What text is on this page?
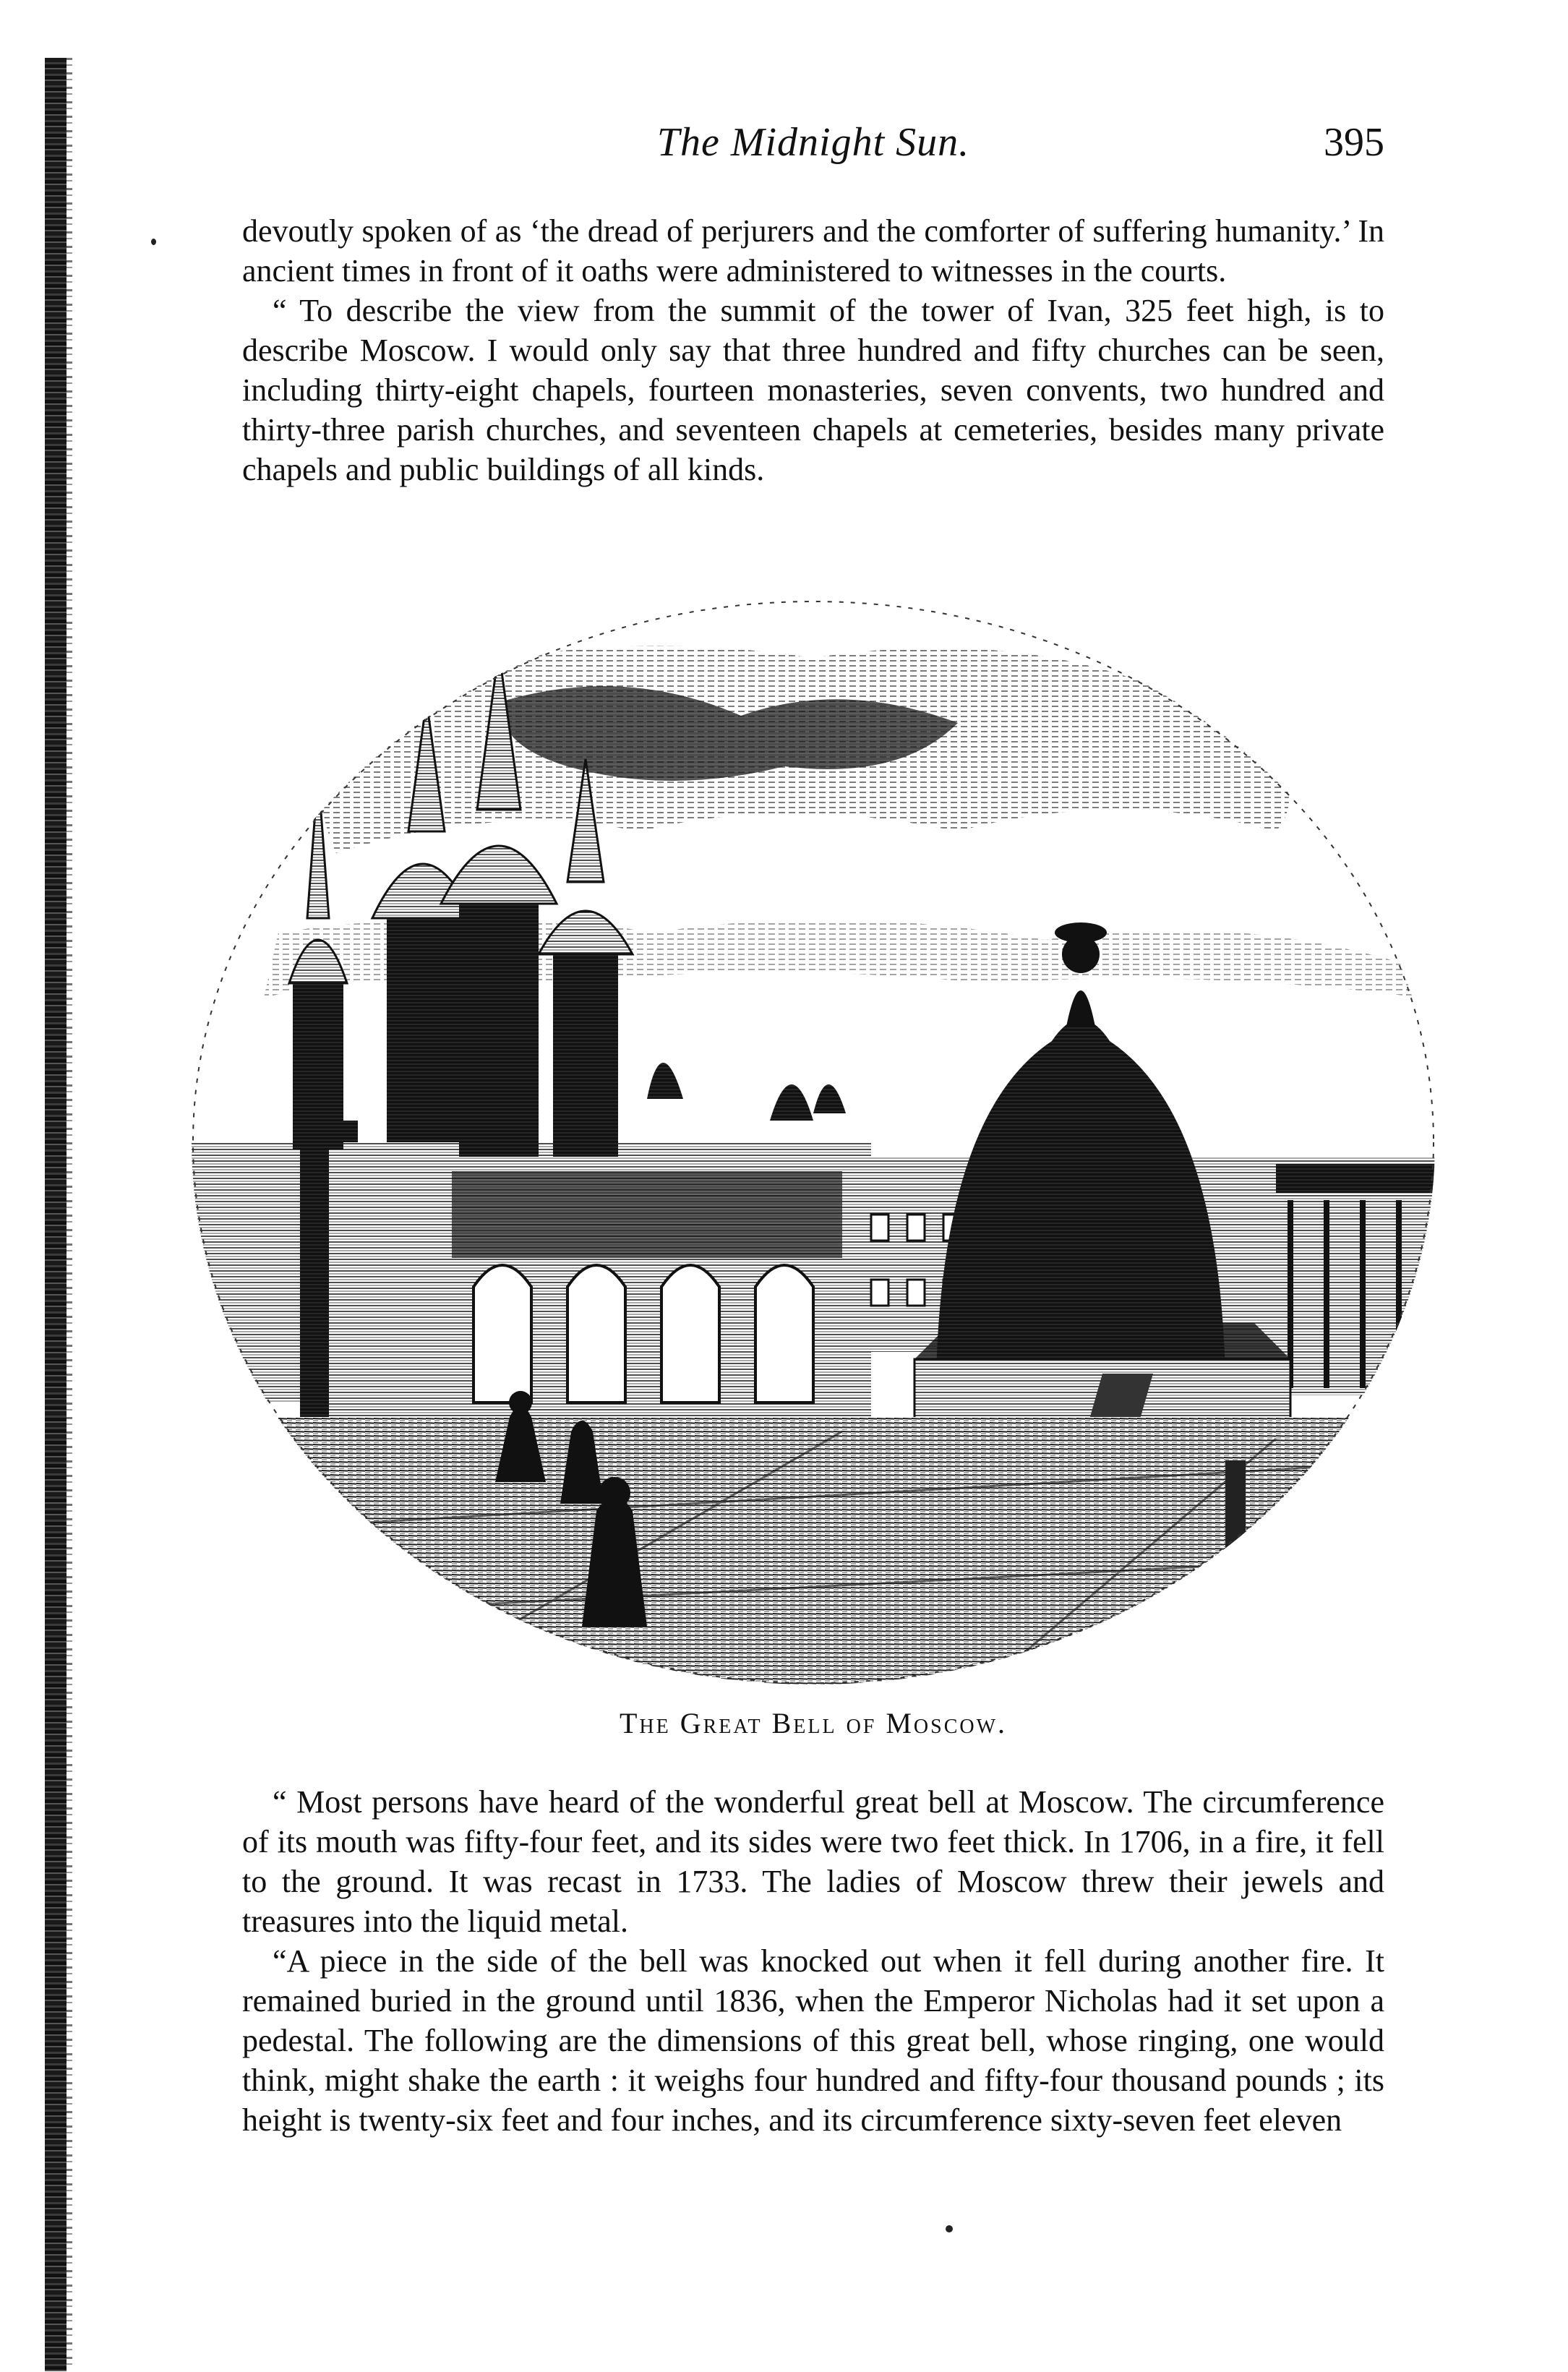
The Midnight Sun.	395

devoutly spoken of as ‘the dread of perjurers and the comforter of suffering humanity.’ In ancient times in front of it oaths were administered to witnesses in the courts.

“ To describe the view from the summit of the tower of Ivan, 325 feet high, is to describe Moscow. I would only say that three hundred and fifty churches can be seen, including thirty-eight chapels, fourteen monasteries, seven convents, two hundred and thirty-three parish churches, and seventeen chapels at cemeteries, besides many private chapels and public buildings of all kinds.

The Great Bell of Moscow.

“ Most persons have heard of the wonderful great bell at Moscow. The circumference of its mouth was fifty-four feet, and its sides were two feet thick. In 1706, in a fire, it fell to the ground. It was recast in 1733. The ladies of Moscow threw their jewels and treasures into the liquid metal.

“A piece in the side of the bell was knocked out when it fell during another fire. It remained buried in the ground until 1836, when the Emperor Nicholas had it set upon a pedestal. The following are the dimensions of this great bell, whose ringing, one would think, might shake the earth : it weighs four hundred and fifty-four thousand pounds ; its height is twenty-six feet and four inches, and its circumference sixty-seven feet eleven
